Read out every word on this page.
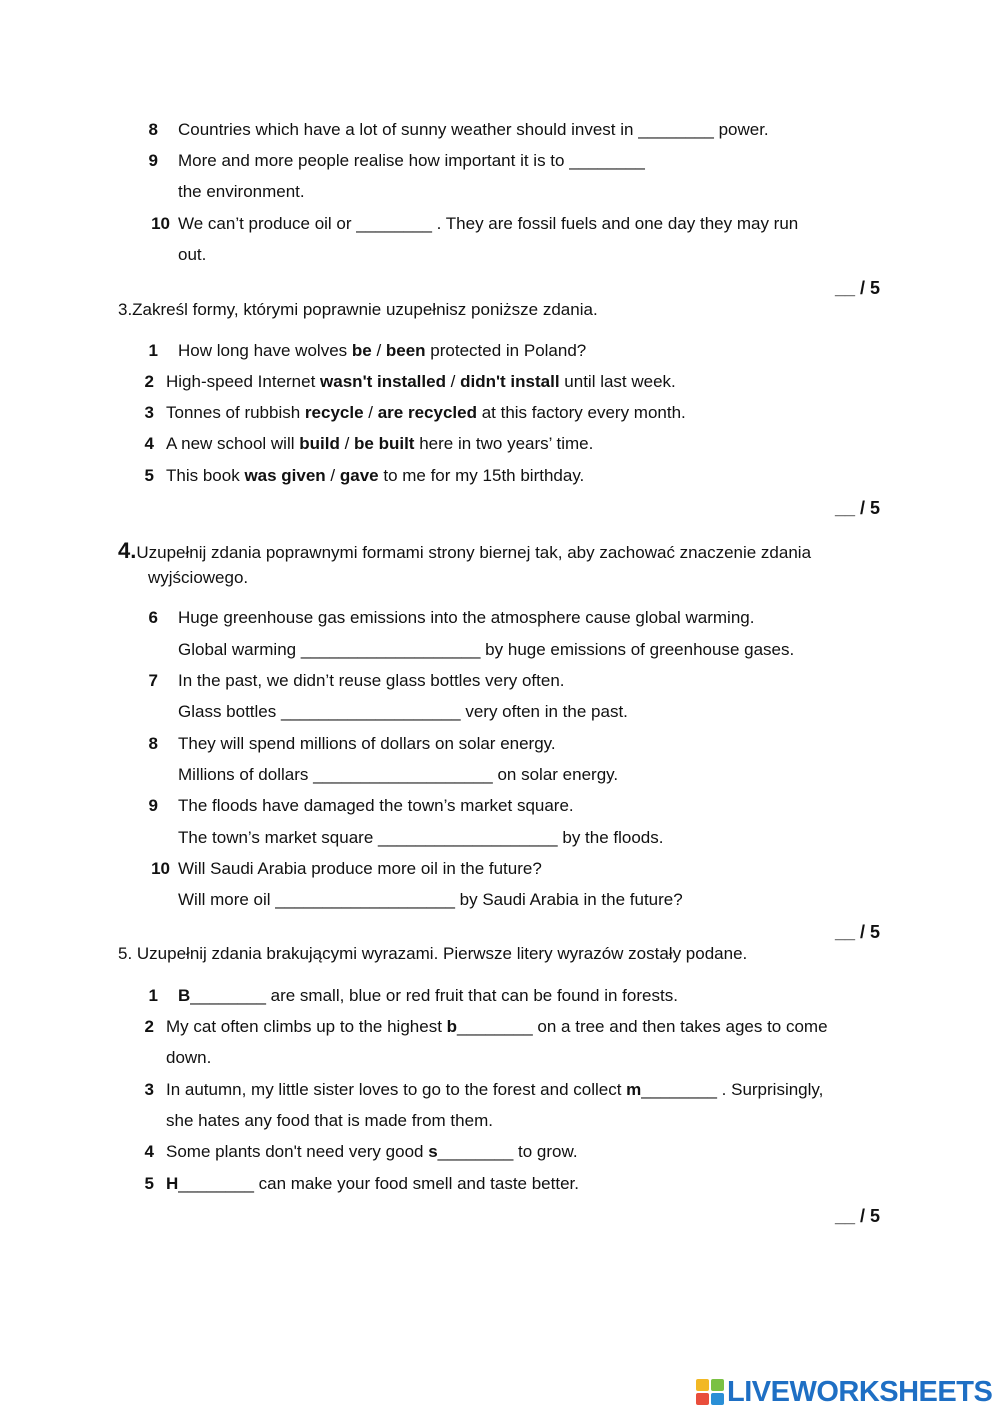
8 Countries which have a lot of sunny weather should invest in ________ power.
9 More and more people realise how important it is to ________
the environment.
10 We can’t produce oil or ________ . They are fossil fuels and one day they may run
out.
__ / 5
3.Zakreśl formy, którymi poprawnie uzupełnisz poniższe zdania.
1 How long have wolves be / been protected in Poland?
2 High-speed Internet wasn't installed / didn't install until last week.
3 Tonnes of rubbish recycle / are recycled at this factory every month.
4 A new school will build / be built here in two years’ time.
5 This book was given / gave to me for my 15th birthday.
__ / 5
4.Uzupełnij zdania poprawnymi formami strony biernej tak, aby zachować znaczenie zdania
wyjściowego.
6 Huge greenhouse gas emissions into the atmosphere cause global warming.
Global warming ___________________ by huge emissions of greenhouse gases.
7 In the past, we didn’t reuse glass bottles very often.
Glass bottles ___________________ very often in the past.
8 They will spend millions of dollars on solar energy.
Millions of dollars ___________________ on solar energy.
9 The floods have damaged the town’s market square.
The town’s market square ___________________ by the floods.
10 Will Saudi Arabia produce more oil in the future?
Will more oil ___________________ by Saudi Arabia in the future?
__ / 5
5. Uzupełnij zdania brakującymi wyrazami. Pierwsze litery wyrazów zostały podane.
1 B________ are small, blue or red fruit that can be found in forests.
2 My cat often climbs up to the highest b________ on a tree and then takes ages to come
down.
3 In autumn, my little sister loves to go to the forest and collect m________ . Surprisingly,
she hates any food that is made from them.
4 Some plants don't need very good s________ to grow.
5 H________ can make your food smell and taste better.
__ / 5
LIVEWORKSHEETS
